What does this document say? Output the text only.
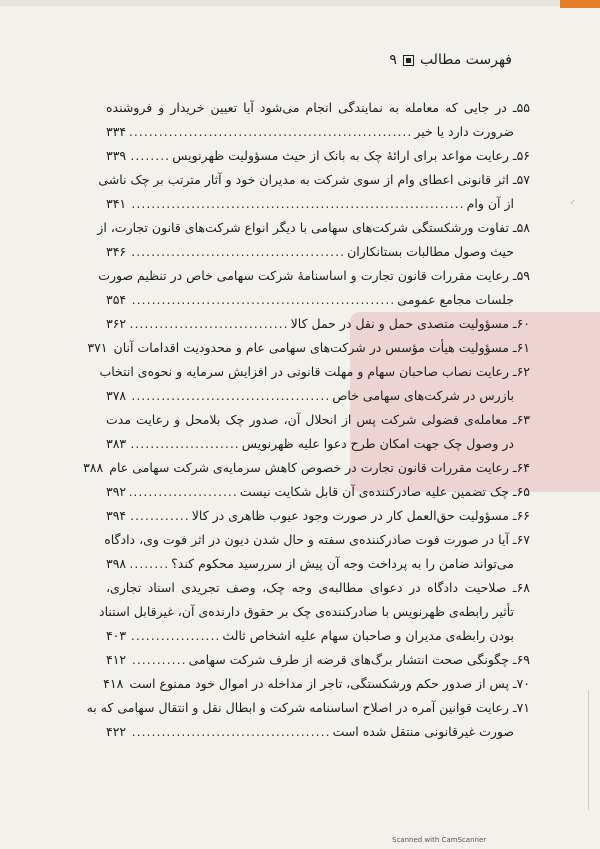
فهرست مطالب
۹
⸝
۵۵ـ در جایی که معامله به نمایندگی انجام می‌شود آیا تعیین خریدار و فروشنده
ضرورت دارد یا خیر
.....
۳۳۴
۵۶ـ رعایت مواعد برای ارائهٔ چک به بانک از حیث مسؤولیت ظهرنویس
.....
۳۳۹
۵۷ـ اثر قانونی اعطای وام از سوی شرکت به مدیران خود و آثار مترتب بر چک ناشی
از آن وام
.....
۳۴۱
۵۸ـ تفاوت ورشکستگی شرکت‌های سهامی با دیگر انواع شرکت‌های قانون تجارت، از
حیث وصول مطالبات بستانکاران
.....
۳۴۶
۵۹ـ رعایت مقررات قانون تجارت و اساسنامهٔ شرکت سهامی خاص در تنظیم صورت
جلسات مجامع عمومی
.....
۳۵۴
۶۰ـ مسؤولیت متصدی حمل و نقل در حمل کالا
.....
۳۶۲
۶۱ـ مسؤولیت هیأت مؤسس در شرکت‌های سهامی عام و محدودیت اقدامات آنان
۳۷۱
۶۲ـ رعایت نصاب صاحبان سهام و مهلت قانونی در افزایش سرمایه و نحوه‌ی انتخاب
بازرس در شرکت‌های سهامی خاص
.....
۳۷۸
۶۳ـ معامله‌ی فضولی شرکت پس از انحلال آن، صدور چک بلامحل و رعایت مدت
در وصول چک جهت امکان طرح دعوا علیه ظهرنویس
.....
۳۸۳
۶۴ـ رعایت مقررات قانون تجارت در خصوص کاهش سرمایه‌ی شرکت سهامی عام
۳۸۸
۶۵ـ چک تضمین علیه صادرکننده‌ی آن قابل شکایت نیست
.....
۳۹۲
۶۶ـ مسؤولیت حق‌العمل کار در صورت وجود عیوب ظاهری در کالا
.....
۳۹۴
۶۷ـ آیا در صورت فوت صادرکننده‌ی سفته و حال شدن دیون در اثر فوت وی، دادگاه
می‌تواند ضامن را به پرداخت وجه آن پیش از سررسید محکوم کند؟
.....
۳۹۸
۶۸ـ صلاحیت دادگاه در دعوای مطالبه‌ی وجه چک، وصف تجریدی اسناد تجاری،
تأثیر رابطه‌ی ظهرنویس با صادرکننده‌ی چک بر حقوق دارنده‌ی آن، غیرقابل استناد
بودن رابطه‌ی مدیران و صاحبان سهام علیه اشخاص ثالث
.....
۴۰۳
۶۹ـ چگونگی صحت انتشار برگ‌های قرضه از طرف شرکت سهامی
.....
۴۱۲
۷۰ـ پس از صدور حکم ورشکستگی، تاجر از مداخله در اموال خود ممنوع است
۴۱۸
۷۱ـ رعایت قوانین آمره در اصلاح اساسنامه شرکت و ابطال نقل و انتقال سهامی که به
صورت غیرقانونی منتقل شده است
.....
۴۲۲
Scanned with CamScanner
